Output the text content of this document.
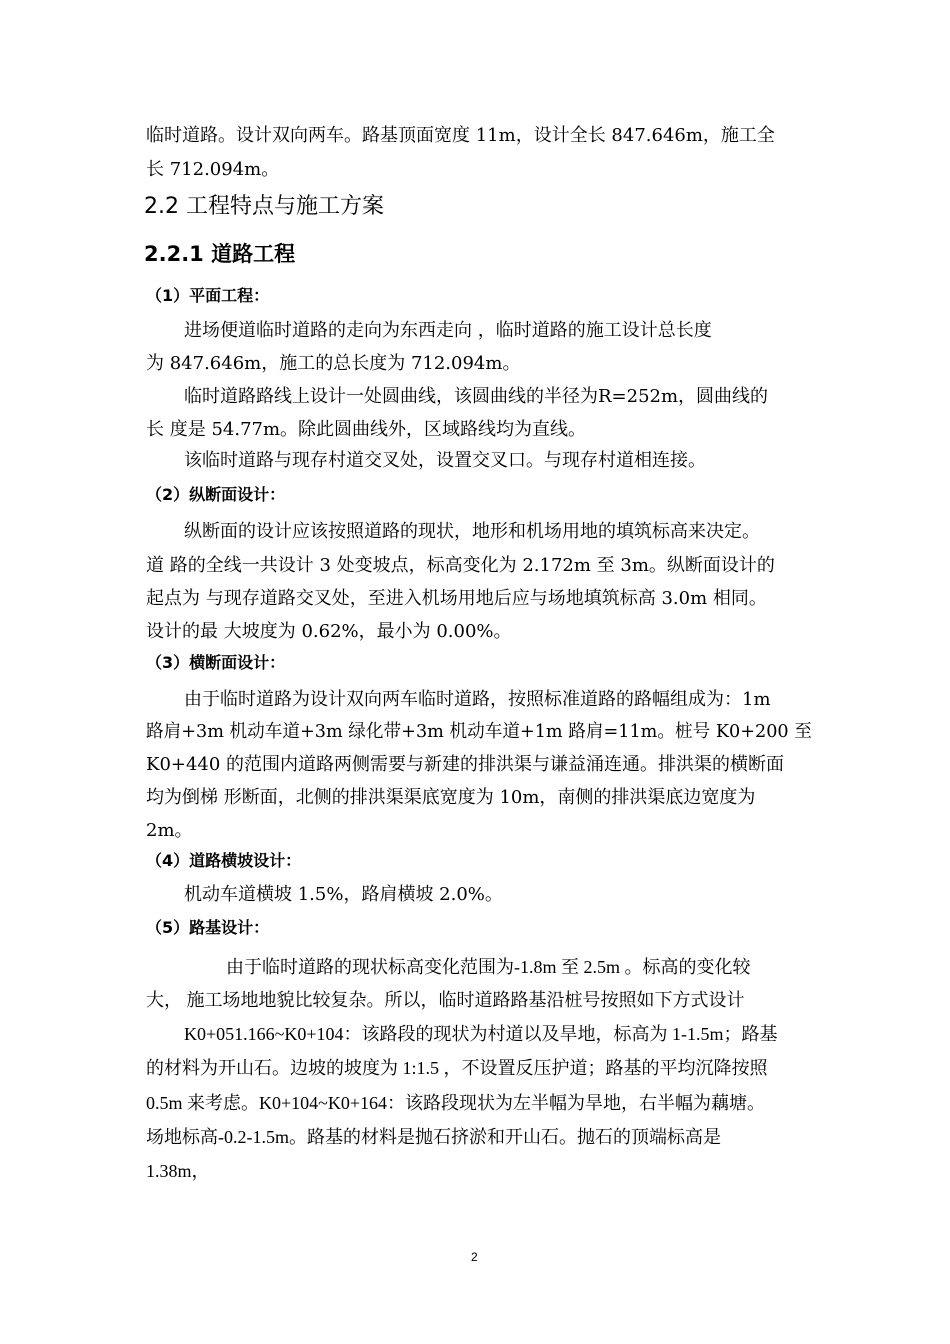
临时道路。设计双向两车。路基顶面宽度 11m，设计全长 847.646m，施工全
长 712.094m。
2.2 工程特点与施工方案
2.2.1 道路工程
（1）平面工程：
进场便道临时道路的走向为东西走向 ，临时道路的施工设计总长度
为 847.646m，施工的总长度为 712.094m。
临时道路路线上设计一处圆曲线，该圆曲线的半径为R=252m，圆曲线的
长 度是 54.77m。除此圆曲线外，区域路线均为直线。
该临时道路与现存村道交叉处，设置交叉口。与现存村道相连接。
（2）纵断面设计：
纵断面的设计应该按照道路的现状，地形和机场用地的填筑标高来决定。
道 路的全线一共设计 3 处变坡点，标高变化为 2.172m 至 3m。纵断面设计的
起点为 与现存道路交叉处，至进入机场用地后应与场地填筑标高 3.0m 相同。
设计的最 大坡度为 0.62%，最小为 0.00%。
（3）横断面设计：
由于临时道路为设计双向两车临时道路，按照标准道路的路幅组成为：1m
路肩+3m 机动车道+3m 绿化带+3m 机动车道+1m 路肩=11m。桩号 K0+200 至
K0+440 的范围内道路两侧需要与新建的排洪渠与谦益涌连通。排洪渠的横断面
均为倒梯 形断面，北侧的排洪渠渠底宽度为 10m，南侧的排洪渠底边宽度为
2m。
（4）道路横坡设计：
机动车道横坡 1.5%，路肩横坡 2.0%。
（5）路基设计：
由于临时道路的现状标高变化范围为-1.8m 至 2.5m 。标高的变化较
大， 施工场地地貌比较复杂。所以，临时道路路基沿桩号按照如下方式设计
K0+051.166~K0+104：该路段的现状为村道以及旱地，标高为 1-1.5m；路基
的材料为开山石。边坡的坡度为 1:1.5 ，不设置反压护道；路基的平均沉降按照
0.5m 来考虑。K0+104~K0+164：该路段现状为左半幅为旱地，右半幅为藕塘。
场地标高-0.2-1.5m。路基的材料是抛石挤淤和开山石。抛石的顶端标高是
1.38m，
2
